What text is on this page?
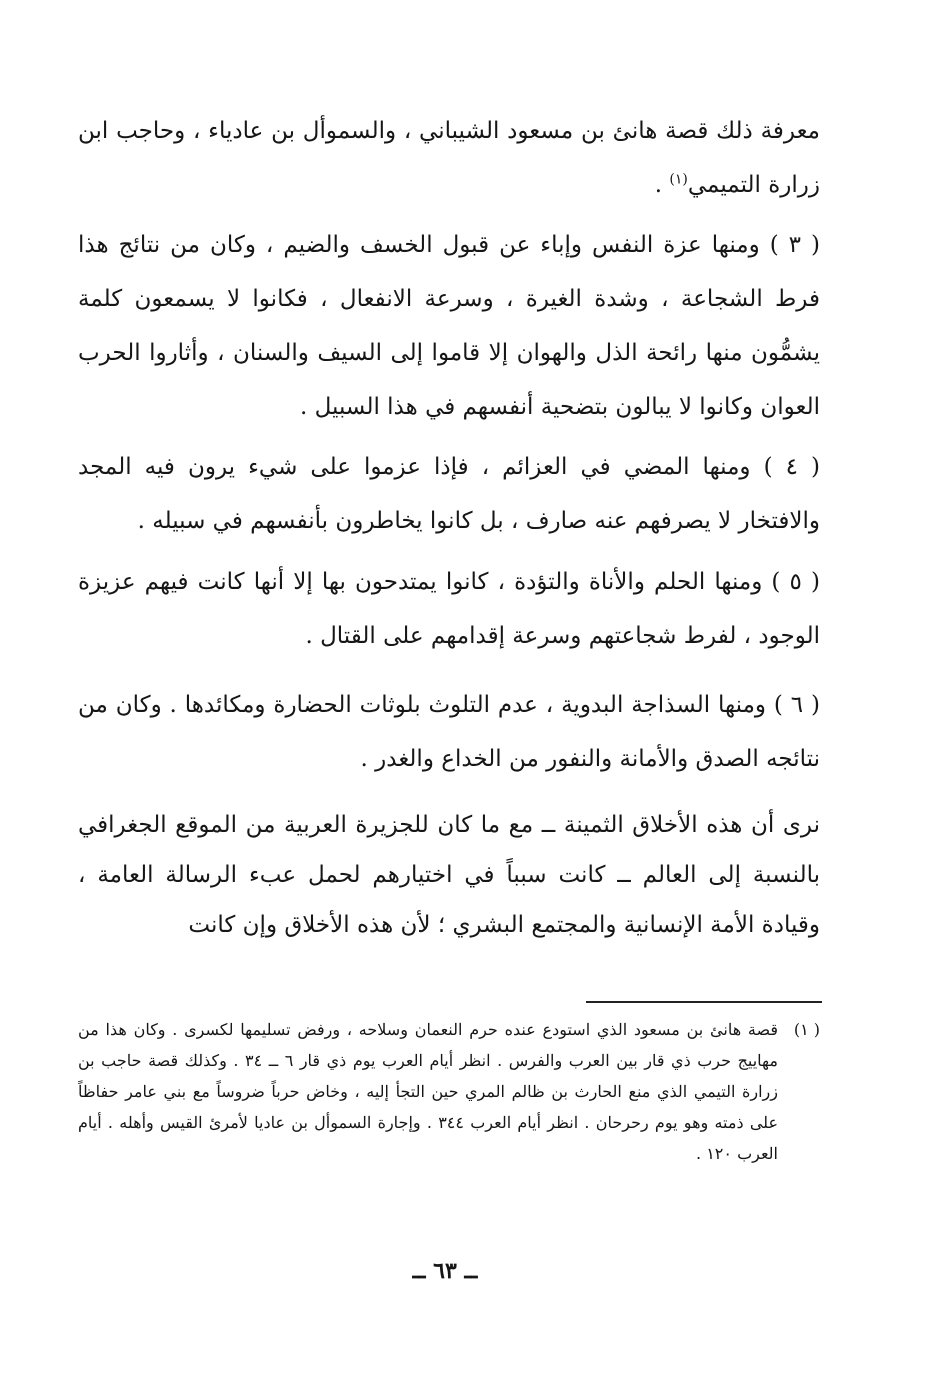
معرفة ذلك قصة هانئ بن مسعود الشيباني ، والسموأل بن عادياء ، وحاجب ابن زرارة التميمي$^{(١)}$ .

( ٣ ) ومنها عزة النفس وإباء عن قبول الخسف والضيم ، وكان من نتائج هذا فرط الشجاعة ، وشدة الغيرة ، وسرعة الانفعال ، فكانوا لا يسمعون كلمة يشمُّون منها رائحة الذل والهوان إلا قاموا إلى السيف والسنان ، وأثاروا الحرب العوان وكانوا لا يبالون بتضحية أنفسهم في هذا السبيل .

( ٤ ) ومنها المضي في العزائم ، فإذا عزموا على شيء يرون فيه المجد والافتخار لا يصرفهم عنه صارف ، بل كانوا يخاطرون بأنفسهم في سبيله .

( ٥ ) ومنها الحلم والأناة والتؤدة ، كانوا يمتدحون بها إلا أنها كانت فيهم عزيزة الوجود ، لفرط شجاعتهم وسرعة إقدامهم على القتال .

( ٦ ) ومنها السذاجة البدوية ، عدم التلوث بلوثات الحضارة ومكائدها . وكان من نتائجه الصدق والأمانة والنفور من الخداع والغدر .

نرى أن هذه الأخلاق الثمينة ــ مع ما كان للجزيرة العربية من الموقع الجغرافي بالنسبة إلى العالم ــ كانت سبباً في اختيارهم لحمل عبء الرسالة العامة ، وقيادة الأمة الإنسانية والمجتمع البشري ؛ لأن هذه الأخلاق وإن كانت

( ١)
قصة هانئ بن مسعود الذي استودع عنده حرم النعمان وسلاحه ، ورفض تسليمها لكسرى . وكان هذا من مهاييج حرب ذي قار بين العرب والفرس . انظر أيام العرب يوم ذي قار ٦ ــ ٣٤ . وكذلك قصة حاجب بن زرارة التيمي الذي منع الحارث بن ظالم المري حين التجأ إليه ، وخاض حرباً ضروساً مع بني عامر حفاظاً على ذمته وهو يوم رحرحان . انظر أيام العرب ٣٤٤ . وإجارة السموأل بن عاديا لأمرئ القيس وأهله . أيام العرب ١٢٠ .
ــ ٦٣ ــ
